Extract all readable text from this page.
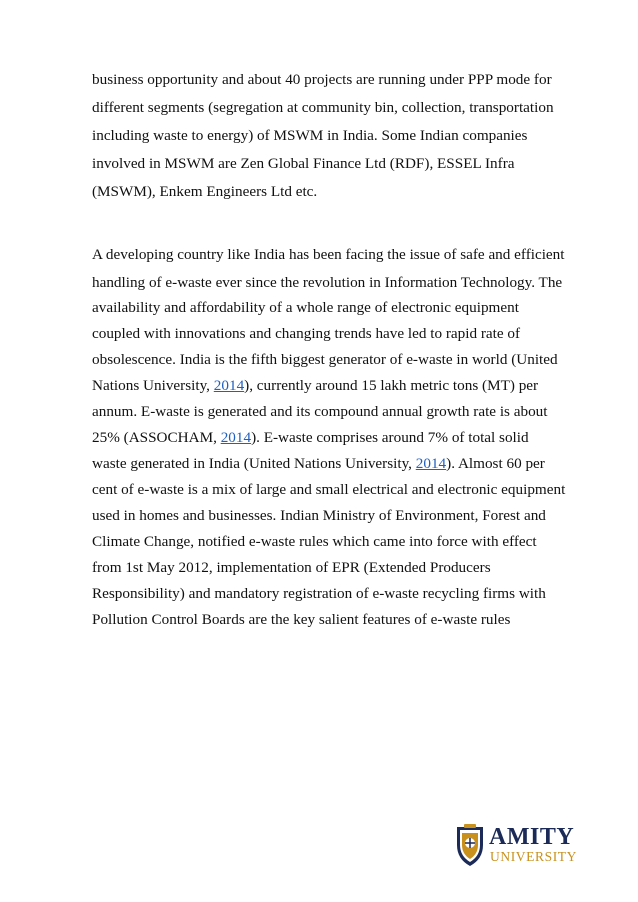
business opportunity and about 40 projects are running under PPP mode for
different segments (segregation at community bin, collection, transportation
including waste to energy) of MSWM in India. Some Indian companies
involved in MSWM are Zen Global Finance Ltd (RDF), ESSEL Infra
(MSWM), Enkem Engineers Ltd etc.
A developing country like India has been facing the issue of safe and efficient
handling of e-waste ever since the revolution in Information Technology. The
availability and affordability of a whole range of electronic equipment
coupled with innovations and changing trends have led to rapid rate of
obsolescence. India is the fifth biggest generator of e-waste in world (United
Nations University, 2014), currently around 15 lakh metric tons (MT) per
annum. E-waste is generated and its compound annual growth rate is about
25% (ASSOCHAM, 2014). E-waste comprises around 7% of total solid
waste generated in India (United Nations University, 2014). Almost 60 per
cent of e-waste is a mix of large and small electrical and electronic equipment
used in homes and businesses. Indian Ministry of Environment, Forest and
Climate Change, notified e-waste rules which came into force with effect
from 1st May 2012, implementation of EPR (Extended Producers
Responsibility) and mandatory registration of e-waste recycling firms with
Pollution Control Boards are the key salient features of e-waste rules
AMITY
UNIVERSITY
